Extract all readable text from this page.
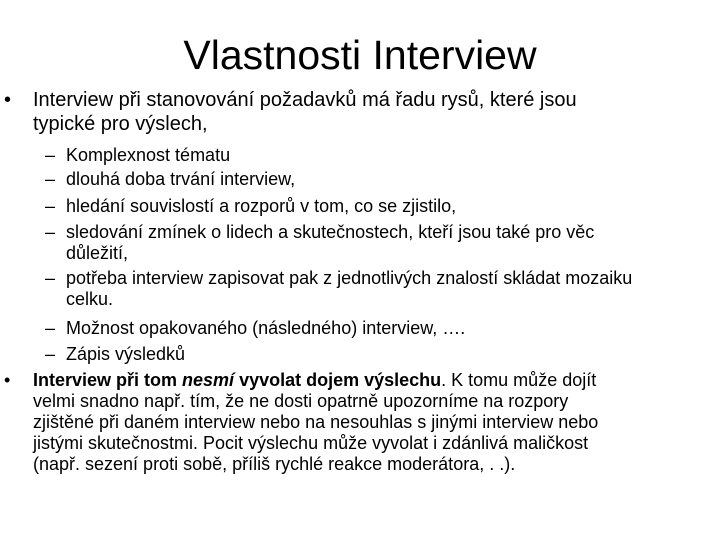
Vlastnosti Interview
• Interview při stanovování požadavků má řadu rysů, které jsou
typické pro výslech,
– Komplexnost tématu
– dlouhá doba trvání interview,
– hledání souvislostí a rozporů v tom, co se zjistilo,
– sledování zmínek o lidech a skutečnostech, kteří jsou také pro věc
důležití,
– potřeba interview zapisovat pak z jednotlivých znalostí skládat mozaiku
celku.
– Možnost opakovaného (následného) interview, ….
– Zápis výsledků
• Interview při tom nesmí vyvolat dojem výslechu. K tomu může dojít
velmi snadno např. tím, že ne dosti opatrně upozorníme na rozpory
zjištěné při daném interview nebo na nesouhlas s jinými interview nebo
jistými skutečnostmi. Pocit výslechu může vyvolat i zdánlivá maličkost
(např. sezení proti sobě, příliš rychlé reakce moderátora, . .).
